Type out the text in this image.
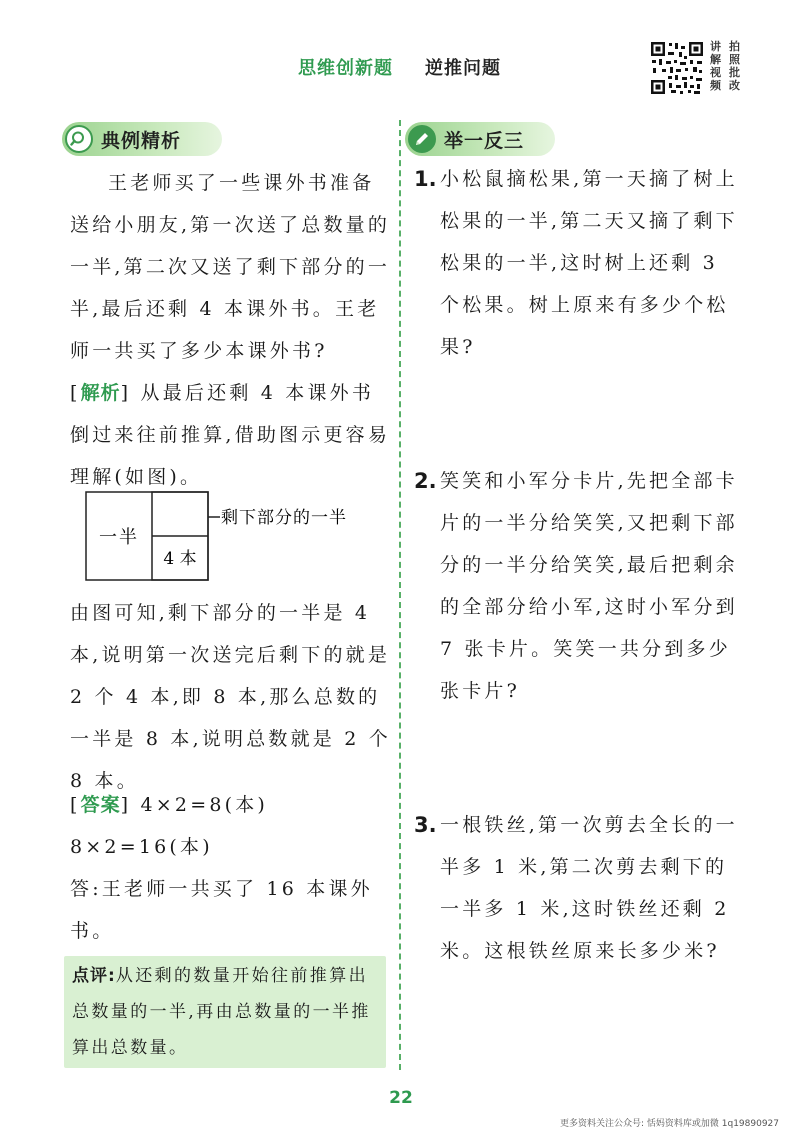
思维创新题 逆推问题
讲
解
视
频
拍
照
批
改
典例精析	举一反三
王老师买了一些课外书准备送给小朋友,第一次送了总数量的一半,第二次又送了剩下部分的一半,最后还剩 4 本课外书。王老师一共买了多少本课外书?
[解析] 从最后还剩 4 本课外书倒过来往前推算,借助图示更容易理解(如图)。
一半
4 本
剩下部分的一半
由图可知,剩下部分的一半是 4 本,说明第一次送完后剩下的就是 2 个 4 本,即 8 本,那么总数的一半是 8 本,说明总数就是 2 个 8 本。
[答案] 4×2=8(本)
8×2=16(本)
答:王老师一共买了 16 本课外书。
点评:从还剩的数量开始往前推算出总数量的一半,再由总数量的一半推算出总数量。
1. 小松鼠摘松果,第一天摘了树上松果的一半,第二天又摘了剩下松果的一半,这时树上还剩 3 个松果。树上原来有多少个松果?
2. 笑笑和小军分卡片,先把全部卡片的一半分给笑笑,又把剩下部分的一半分给笑笑,最后把剩余的全部分给小军,这时小军分到 7 张卡片。笑笑一共分到多少张卡片?
3. 一根铁丝,第一次剪去全长的一半多 1 米,第二次剪去剩下的一半多 1 米,这时铁丝还剩 2 米。这根铁丝原来长多少米?
22
更多资料关注公众号: 恬妈资料库或加微 1q19890927
